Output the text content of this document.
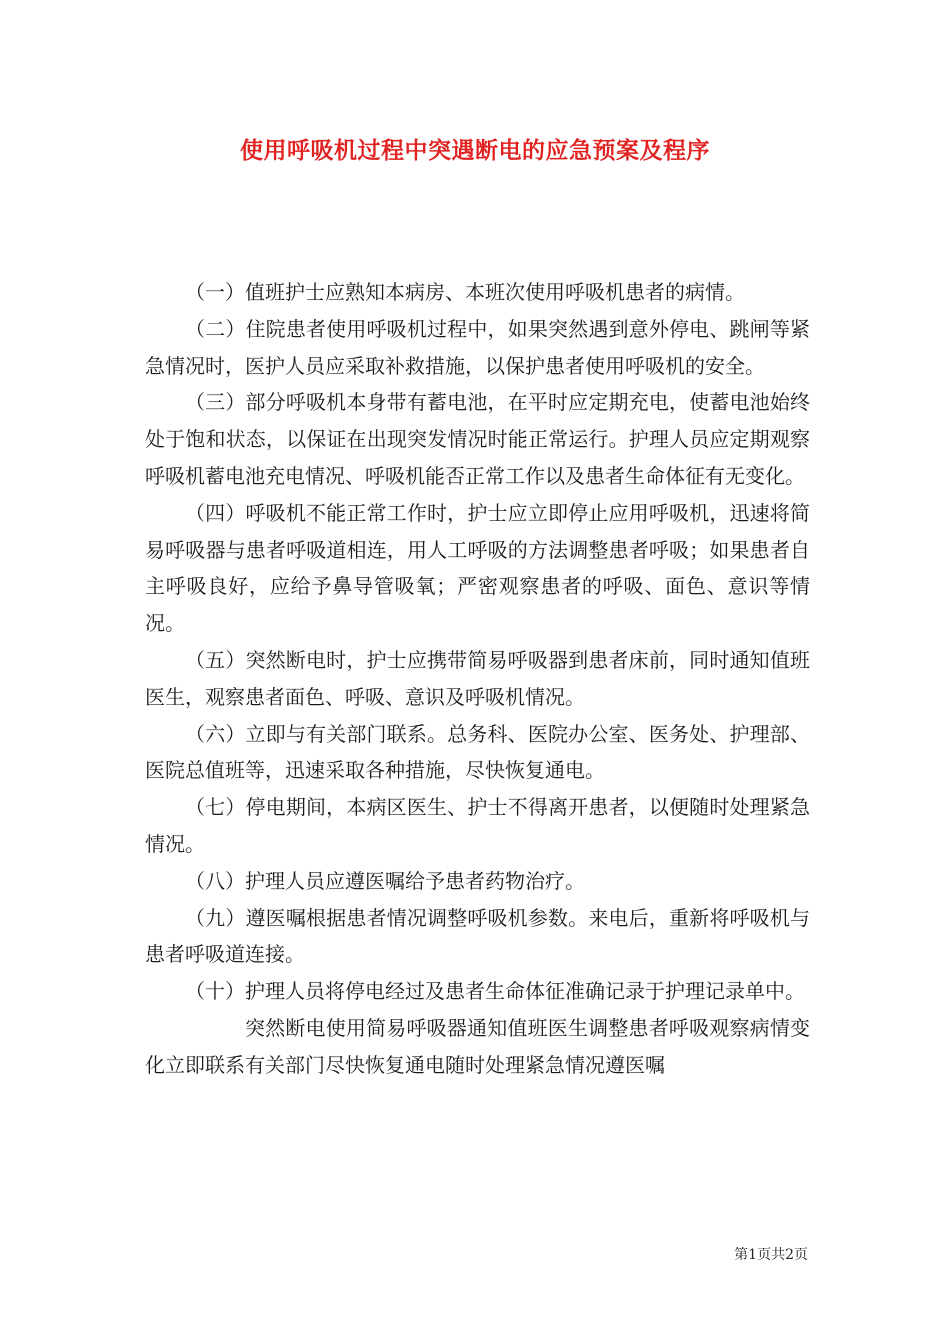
使用呼吸机过程中突遇断电的应急预案及程序

（一）值班护士应熟知本病房、本班次使用呼吸机患者的病情。

（二）住院患者使用呼吸机过程中，如果突然遇到意外停电、跳闸等紧急情况时，医护人员应采取补救措施，以保护患者使用呼吸机的安全。

（三）部分呼吸机本身带有蓄电池，在平时应定期充电，使蓄电池始终处于饱和状态，以保证在出现突发情况时能正常运行。护理人员应定期观察呼吸机蓄电池充电情况、呼吸机能否正常工作以及患者生命体征有无变化。

（四）呼吸机不能正常工作时，护士应立即停止应用呼吸机，迅速将简易呼吸器与患者呼吸道相连，用人工呼吸的方法调整患者呼吸；如果患者自主呼吸良好，应给予鼻导管吸氧；严密观察患者的呼吸、面色、意识等情况。

（五）突然断电时，护士应携带简易呼吸器到患者床前，同时通知值班医生，观察患者面色、呼吸、意识及呼吸机情况。

（六）立即与有关部门联系。总务科、医院办公室、医务处、护理部、医院总值班等，迅速采取各种措施，尽快恢复通电。

（七）停电期间，本病区医生、护士不得离开患者，以便随时处理紧急情况。

（八）护理人员应遵医嘱给予患者药物治疗。

（九）遵医嘱根据患者情况调整呼吸机参数。来电后，重新将呼吸机与患者呼吸道连接。

（十）护理人员将停电经过及患者生命体征准确记录于护理记录单中。

突然断电使用简易呼吸器通知值班医生调整患者呼吸观察病情变化立即联系有关部门尽快恢复通电随时处理紧急情况遵医嘱

第1页共2页
